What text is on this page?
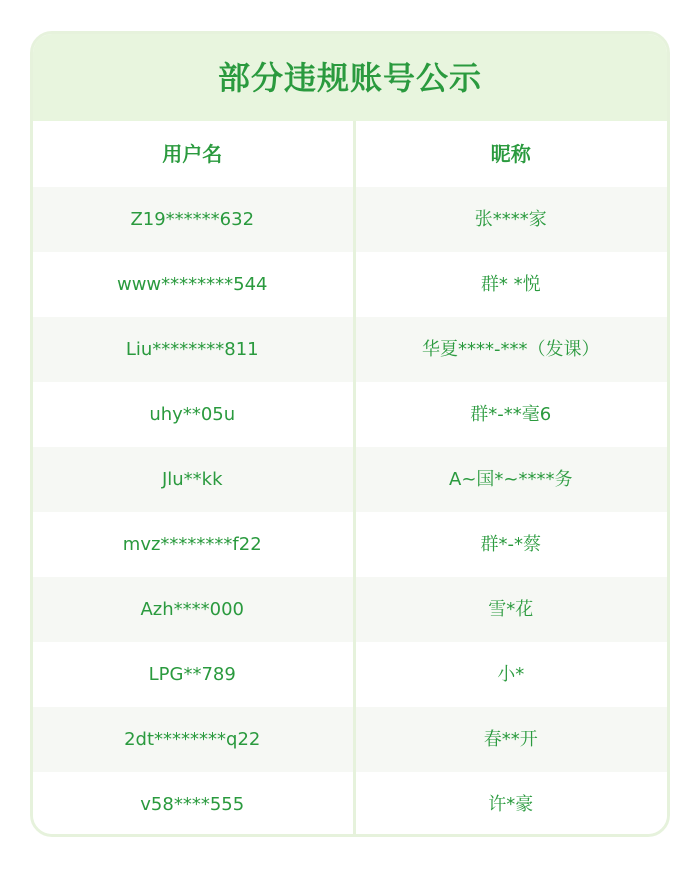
部分违规账号公示
用户名	昵称
Z19******632	张****家
www********544	群* *悦
Liu********811	华夏****-***（发课）
uhy**05u	群*-**毫6
Jlu**kk	A~国*~****务
mvz********f22	群*-*蔡
Azh****000	雪*花
LPG**789	小*
2dt********q22	春**开
v58****555	许*豪
